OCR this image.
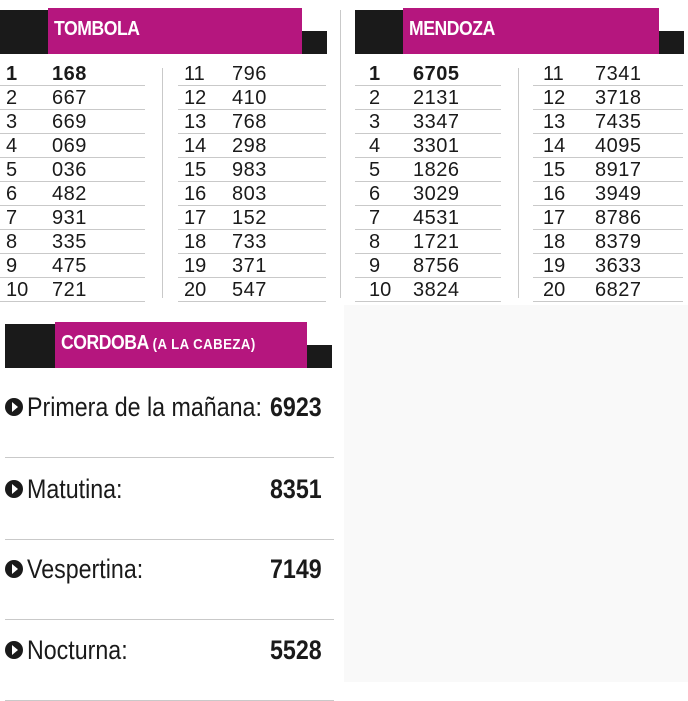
TOMBOLA
1 168
2 667
3 669
4 069
5 036
6 482
7 931
8 335
9 475
10 721
11 796
12 410
13 768
14 298
15 983
16 803
17 152
18 733
19 371
20 547
MENDOZA
1 6705
2 2131
3 3347
4 3301
5 1826
6 3029
7 4531
8 1721
9 8756
10 3824
11 7341
12 3718
13 7435
14 4095
15 8917
16 3949
17 8786
18 8379
19 3633
20 6827
CORDOBA (A LA CABEZA)
Primera de la mañana: 6923
Matutina:	8351
Vespertina:	7149
Nocturna:	5528
